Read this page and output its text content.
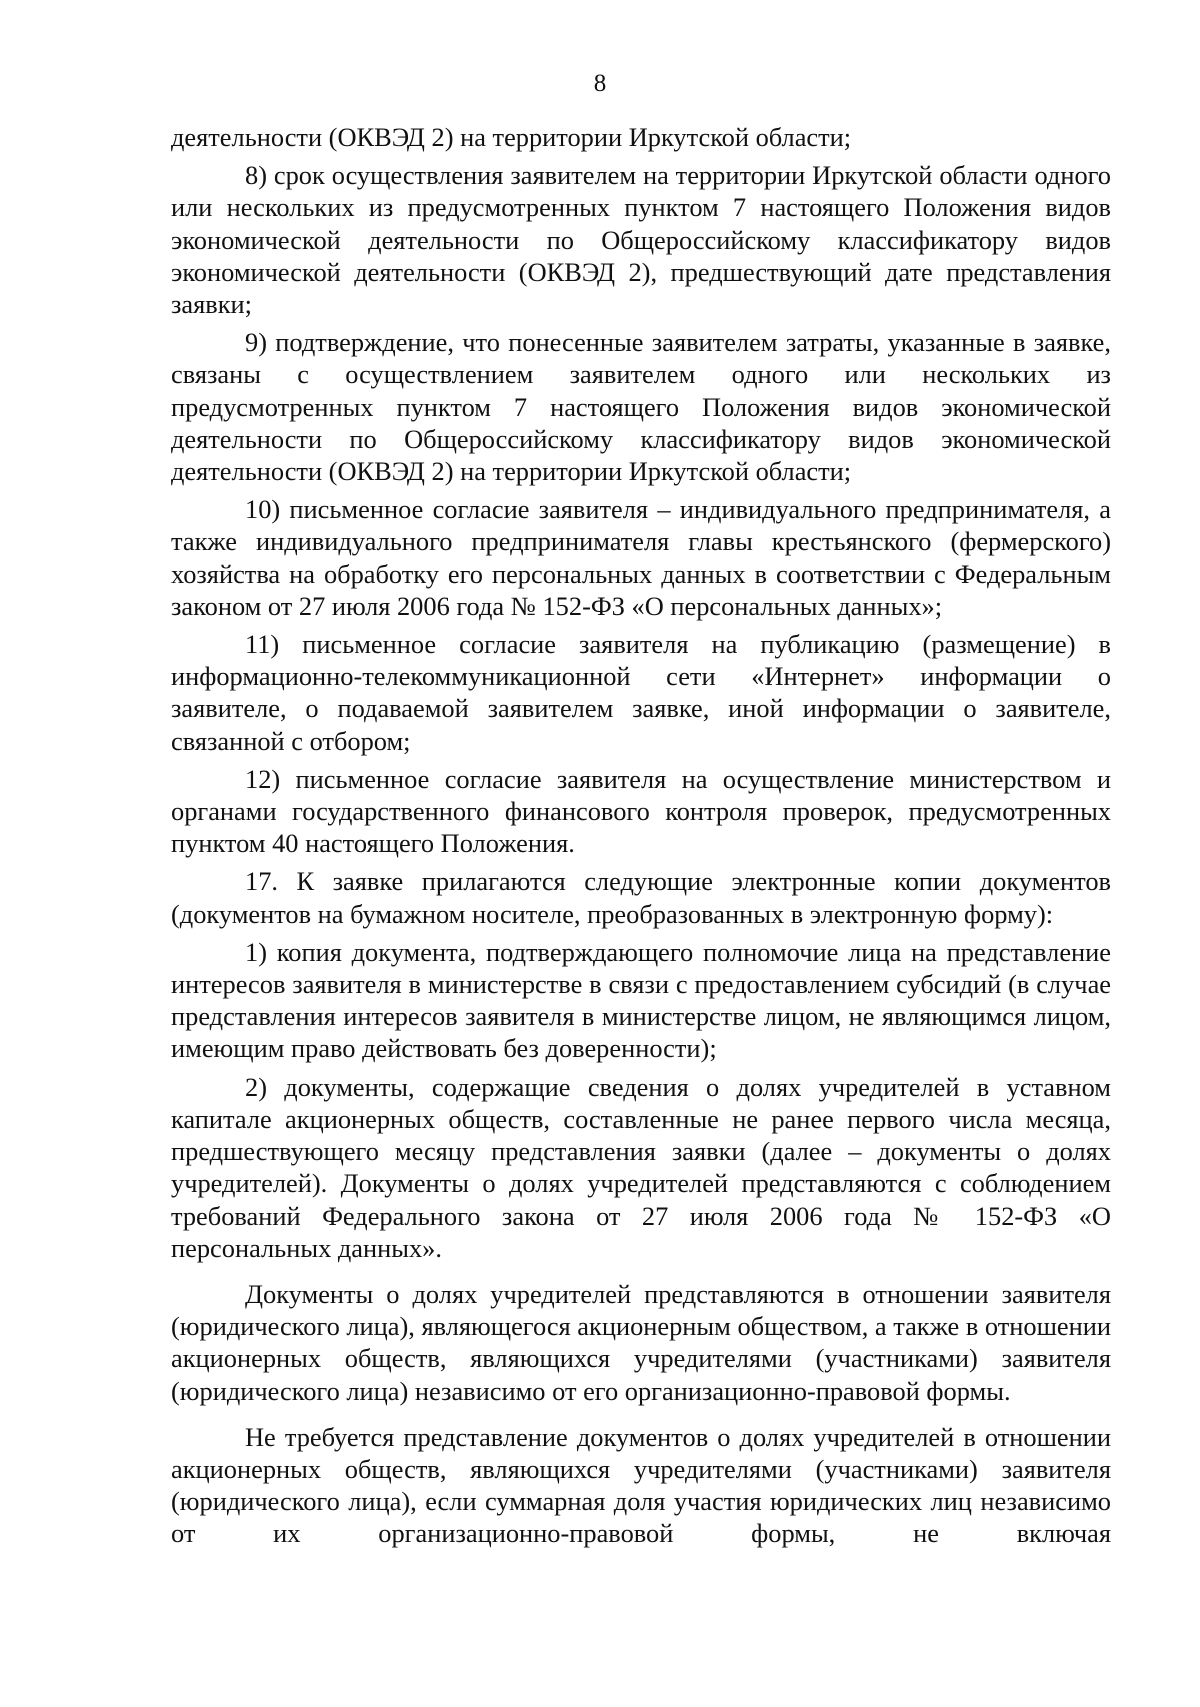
8

деятельности (ОКВЭД 2) на территории Иркутской области;

8) срок осуществления заявителем на территории Иркутской области одного или нескольких из предусмотренных пунктом 7 настоящего Положения видов экономической деятельности по Общероссийскому классификатору видов экономической деятельности (ОКВЭД 2), предшествующий дате представления заявки;

9) подтверждение, что понесенные заявителем затраты, указанные в заявке, связаны с осуществлением заявителем одного или нескольких из предусмотренных пунктом 7 настоящего Положения видов экономической деятельности по Общероссийскому классификатору видов экономической деятельности (ОКВЭД 2) на территории Иркутской области;

10) письменное согласие заявителя – индивидуального предпринимателя, а также индивидуального предпринимателя главы крестьянского (фермерского) хозяйства на обработку его персональных данных в соответствии с Федеральным законом от 27 июля 2006 года № 152-ФЗ «О персональных данных»;

11) письменное согласие заявителя на публикацию (размещение) в информационно-телекоммуникационной сети «Интернет» информации о заявителе, о подаваемой заявителем заявке, иной информации о заявителе, связанной с отбором;

12) письменное согласие заявителя на осуществление министерством и органами государственного финансового контроля проверок, предусмотренных пунктом 40 настоящего Положения.

17. К заявке прилагаются следующие электронные копии документов (документов на бумажном носителе, преобразованных в электронную форму):

1) копия документа, подтверждающего полномочие лица на представление интересов заявителя в министерстве в связи с предоставлением субсидий (в случае представления интересов заявителя в министерстве лицом, не являющимся лицом, имеющим право действовать без доверенности);

2) документы, содержащие сведения о долях учредителей в уставном капитале акционерных обществ, составленные не ранее первого числа месяца, предшествующего месяцу представления заявки (далее – документы о долях учредителей). Документы о долях учредителей представляются с соблюдением требований Федерального закона от 27 июля 2006 года № 152-ФЗ «О персональных данных».

Документы о долях учредителей представляются в отношении заявителя (юридического лица), являющегося акционерным обществом, а также в отношении акционерных обществ, являющихся учредителями (участниками) заявителя (юридического лица) независимо от его организационно-правовой формы.

Не требуется представление документов о долях учредителей в отношении акционерных обществ, являющихся учредителями (участниками) заявителя (юридического лица), если суммарная доля участия юридических лиц независимо от их организационно-правовой формы, не включая
